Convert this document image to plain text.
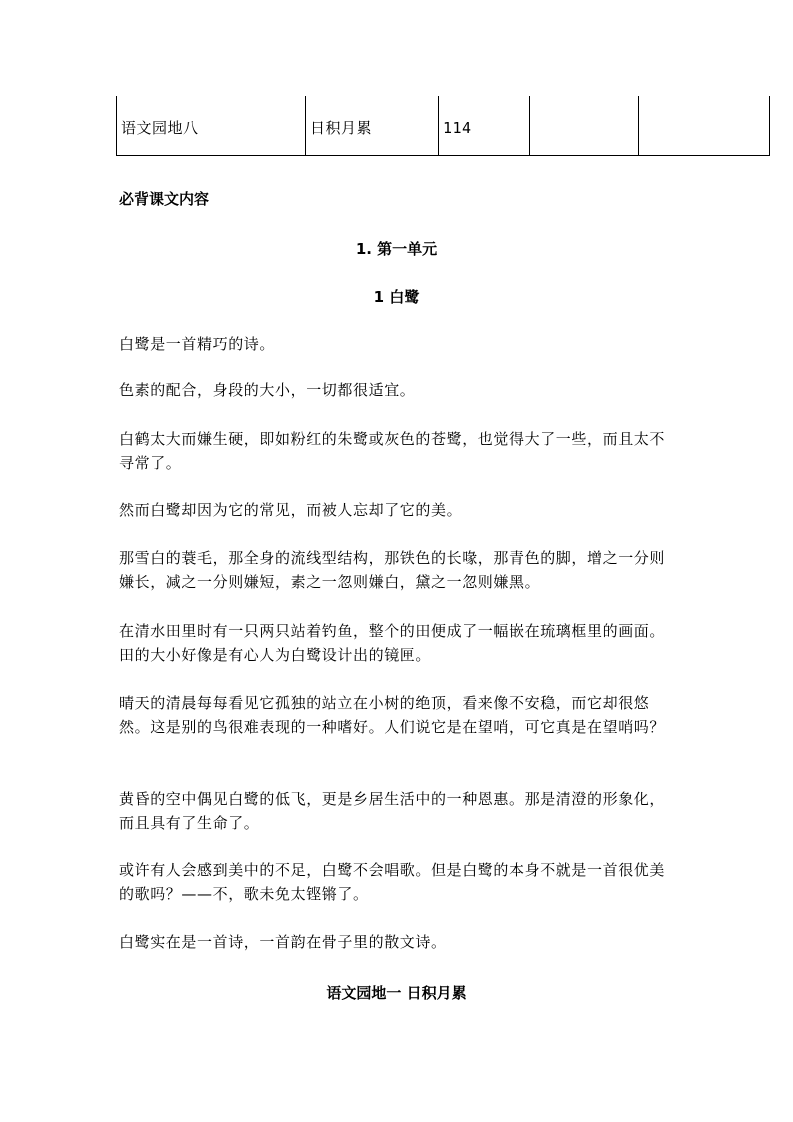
语文园地八	日积月累	114
必背课文内容
1. 第一单元
1 白鹭
白鹭是一首精巧的诗。
色素的配合，身段的大小，一切都很适宜。
白鹤太大而嫌生硬，即如粉红的朱鹭或灰色的苍鹭，也觉得大了一些，而且太不寻常了。
然而白鹭却因为它的常见，而被人忘却了它的美。
那雪白的蓑毛，那全身的流线型结构，那铁色的长喙，那青色的脚，增之一分则嫌长，减之一分则嫌短，素之一忽则嫌白，黛之一忽则嫌黑。
在清水田里时有一只两只站着钓鱼，整个的田便成了一幅嵌在琉璃框里的画面。田的大小好像是有心人为白鹭设计出的镜匣。
晴天的清晨每每看见它孤独的站立在小树的绝顶，看来像不安稳，而它却很悠然。这是别的鸟很难表现的一种嗜好。人们说它是在望哨，可它真是在望哨吗？
黄昏的空中偶见白鹭的低飞，更是乡居生活中的一种恩惠。那是清澄的形象化，而且具有了生命了。
或许有人会感到美中的不足，白鹭不会唱歌。但是白鹭的本身不就是一首很优美的歌吗？——不，歌未免太铿锵了。
白鹭实在是一首诗，一首韵在骨子里的散文诗。
语文园地一 日积月累
